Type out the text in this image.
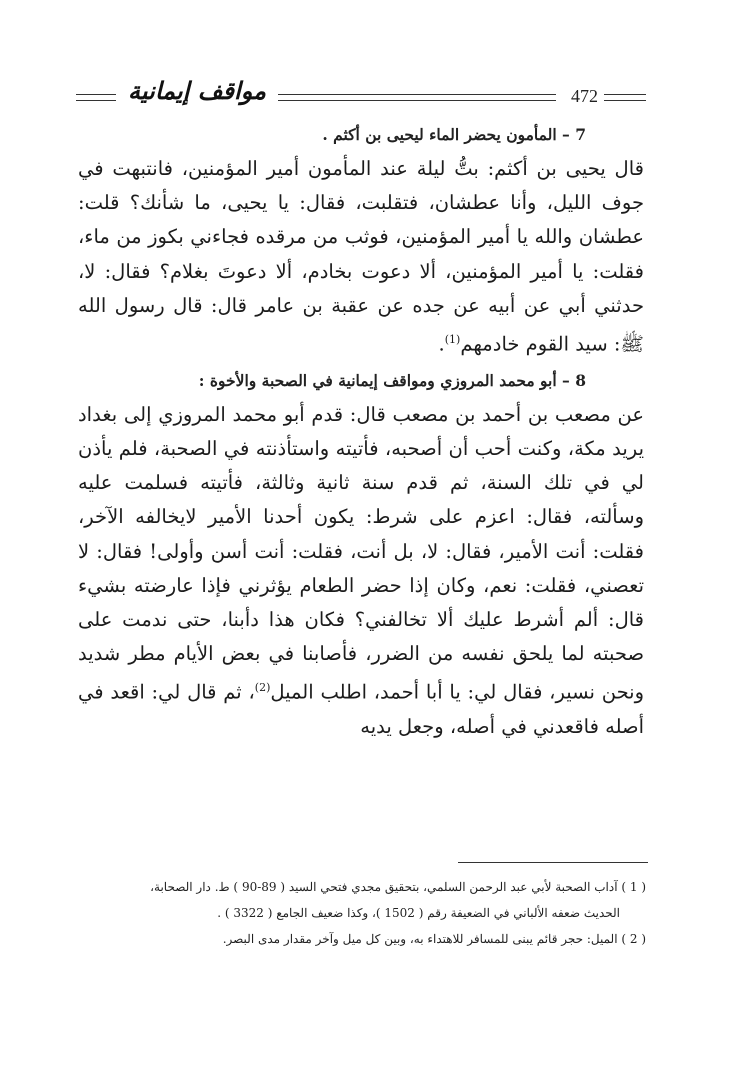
472
مواقف إيمانية
7 – المأمون يحضر الماء ليحيى بن أكثم .

قال يحيى بن أكثم: بتُّ ليلة عند المأمون أمير المؤمنين، فانتبهت في جوف الليل، وأنا عطشان، فتقلبت، فقال: يا يحيى، ما شأنك؟ قلت: عطشان والله يا أمير المؤمنين، فوثب من مرقده فجاءني بكوز من ماء، فقلت: يا أمير المؤمنين، ألا دعوت بخادم، ألا دعوتَ بغلام؟ فقال: لا، حدثني أبي عن أبيه عن جده عن عقبة بن عامر قال: قال رسول الله ﷺ: سيد القوم خادمهم$^{(1)}$.

8 – أبو محمد المروزي ومواقف إيمانية في الصحبة والأخوة :

عن مصعب بن أحمد بن مصعب قال: قدم أبو محمد المروزي إلى بغداد يريد مكة، وكنت أحب أن أصحبه، فأتيته واستأذنته في الصحبة، فلم يأذن لي في تلك السنة، ثم قدم سنة ثانية وثالثة، فأتيته فسلمت عليه وسألته، فقال: اعزم على شرط: يكون أحدنا الأمير لايخالفه الآخر، فقلت: أنت الأمير، فقال: لا، بل أنت، فقلت: أنت أسن وأولى! فقال: لا تعصني، فقلت: نعم، وكان إذا حضر الطعام يؤثرني فإذا عارضته بشيء قال: ألم أشرط عليك ألا تخالفني؟ فكان هذا دأبنا، حتى ندمت على صحبته لما يلحق نفسه من الضرر، فأصابنا في بعض الأيام مطر شديد ونحن نسير، فقال لي: يا أبا أحمد، اطلب الميل$^{(2)}$، ثم قال لي: اقعد في أصله فاقعدني في أصله، وجعل يديه

( 1 ) آداب الصحبة لأبي عبد الرحمن السلمي، بتحقيق مجدي فتحي السيد ( 89-90 ) ط. دار الصحابة،
الحديث ضعفه الألباني في الضعيفة رقم ( 1502 )، وكذا ضعيف الجامع ( 3322 ) .
( 2 ) الميل: حجر قائم يبنى للمسافر للاهتداء به، وبين كل ميل وآخر مقدار مدى البصر.
